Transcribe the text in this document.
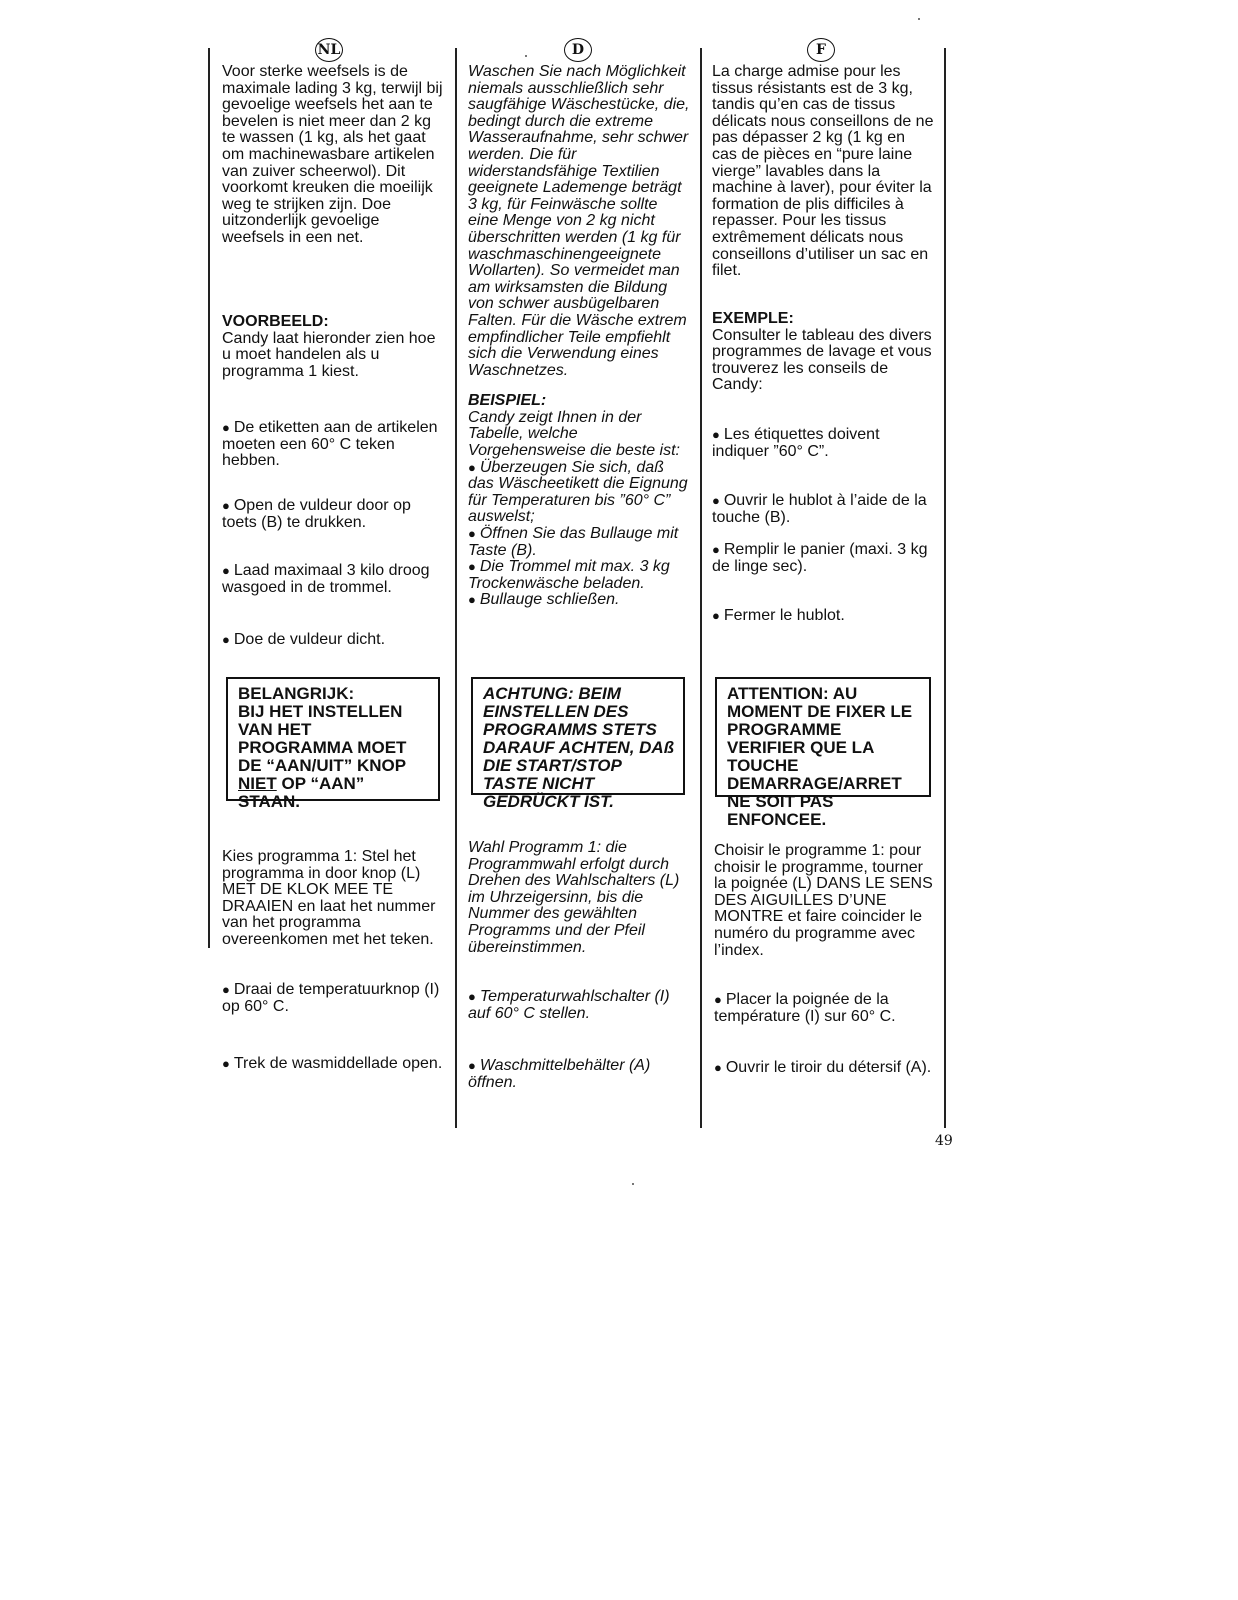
NL	D	F

Voor sterke weefsels is de maximale lading 3 kg, terwijl bij gevoelige weefsels het aan te bevelen is niet meer dan 2 kg te wassen (1 kg, als het gaat om machinewasbare artikelen van zuiver scheerwol). Dit voorkomt kreuken die moeilijk weg te strijken zijn. Doe uitzonderlijk gevoelige weefsels in een net.

VOORBEELD:

Candy laat hieronder zien hoe u moet handelen als u programma 1 kiest.

● De etiketten aan de artikelen moeten een 60° C teken hebben.

● Open de vuldeur door op toets (B) te drukken.

● Laad maximaal 3 kilo droog wasgoed in de trommel.

● Doe de vuldeur dicht.

BELANGRIJK:
BIJ HET INSTELLEN VAN HET PROGRAMMA MOET DE “AAN/UIT” KNOP NIET OP “AAN” STAAN.

Kies programma 1: Stel het programma in door knop (L) MET DE KLOK MEE TE DRAAIEN en laat het nummer van het programma overeenkomen met het teken.

● Draai de temperatuurknop (I) op 60° C.

● Trek de wasmiddellade open.

Waschen Sie nach Möglichkeit niemals ausschließlich sehr saugfähige Wäschestücke, die, bedingt durch die extreme Wasseraufnahme, sehr schwer werden. Die für widerstandsfähige Textilien geeignete Lademenge beträgt 3 kg, für Feinwäsche sollte eine Menge von 2 kg nicht überschritten werden (1 kg für waschmaschinengeeignete Wollarten). So vermeidet man am wirksamsten die Bildung von schwer ausbügelbaren Falten. Für die Wäsche extrem empfindlicher Teile empfiehlt sich die Verwendung eines Waschnetzes.

BEISPIEL:

Candy zeigt Ihnen in der Tabelle, welche Vorgehensweise die beste ist:

● Überzeugen Sie sich, daß das Wäscheetikett die Eignung für Temperaturen bis ”60° C” auswelst;

● Öffnen Sie das Bullauge mit Taste (B).

● Die Trommel mit max. 3 kg Trockenwäsche beladen.

● Bullauge schließen.

ACHTUNG: BEIM EINSTELLEN DES PROGRAMMS STETS DARAUF ACHTEN, DAß DIE START/STOP TASTE NICHT GEDRÜCKT IST.

Wahl Programm 1: die Programmwahl erfolgt durch Drehen des Wahlschalters (L) im Uhrzeigersinn, bis die Nummer des gewählten Programms und der Pfeil übereinstimmen.

● Temperaturwahlschalter (I) auf 60° C stellen.

● Waschmittelbehälter (A) öffnen.

La charge admise pour les tissus résistants est de 3 kg, tandis qu’en cas de tissus délicats nous conseillons de ne pas dépasser 2 kg (1 kg en cas de pièces en “pure laine vierge” lavables dans la machine à laver), pour éviter la formation de plis difficiles à repasser. Pour les tissus extrêmement délicats nous conseillons d’utiliser un sac en filet.

EXEMPLE:

Consulter le tableau des divers programmes de lavage et vous trouverez les conseils de Candy:

● Les étiquettes doivent indiquer ”60° C”.

● Ouvrir le hublot à l’aide de la touche (B).

● Remplir le panier (maxi. 3 kg de linge sec).

● Fermer le hublot.

ATTENTION: AU MOMENT DE FIXER LE PROGRAMME VERIFIER QUE LA TOUCHE DEMARRAGE/ARRET NE SOIT PAS ENFONCEE.

Choisir le programme 1: pour choisir le programme, tourner la poignée (L) DANS LE SENS DES AIGUILLES D’UNE MONTRE et faire coincider le numéro du programme avec l’index.

● Placer la poignée de la température (I) sur 60° C.

● Ouvrir le tiroir du détersif (A).

49
